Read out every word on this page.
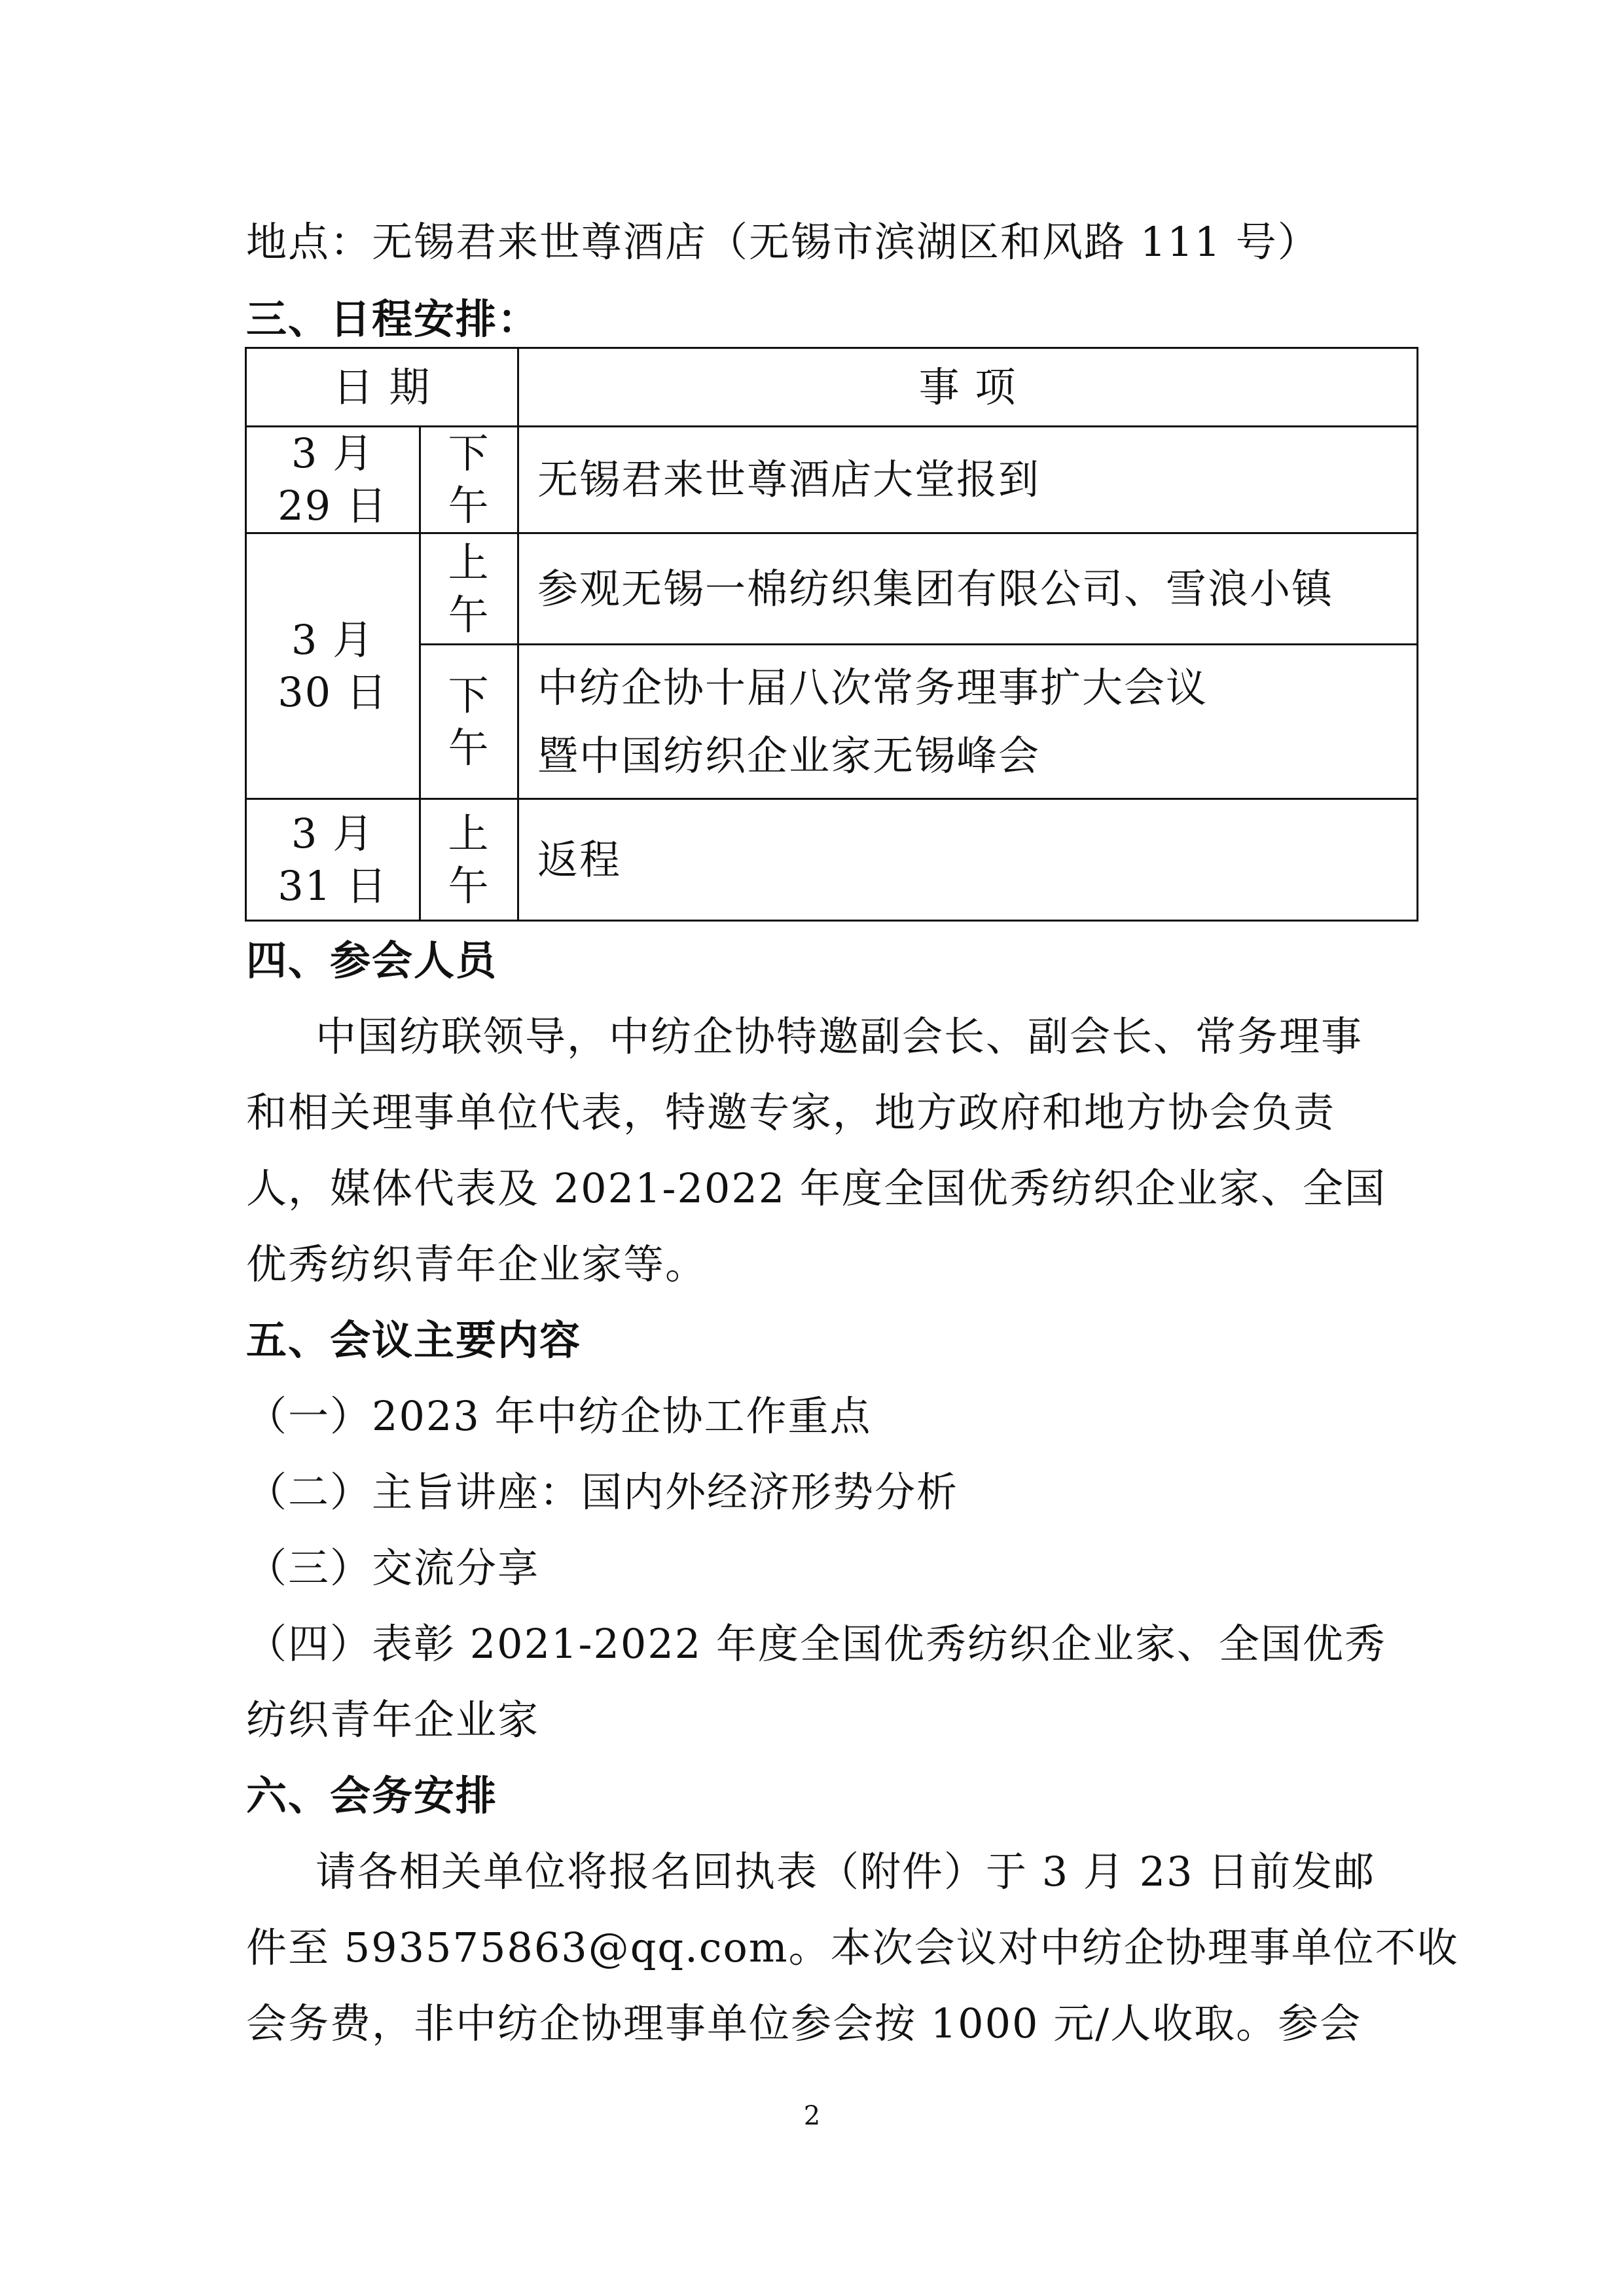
地点：无锡君来世尊酒店（无锡市滨湖区和风路 111 号）
三、日程安排：
日 期		事 项
3 月 29 日	下午	无锡君来世尊酒店大堂报到
3 月 30 日	上午	参观无锡一棉纺织集团有限公司、雪浪小镇
	下午	中纺企协十届八次常务理事扩大会议
暨中国纺织企业家无锡峰会

3 月 31 日	上午	返程
四、参会人员
中国纺联领导，中纺企协特邀副会长、副会长、常务理事
和相关理事单位代表，特邀专家，地方政府和地方协会负责
人，媒体代表及 2021-2022 年度全国优秀纺织企业家、全国
优秀纺织青年企业家等。
五、会议主要内容
（一）2023 年中纺企协工作重点
（二）主旨讲座：国内外经济形势分析
（三）交流分享
（四）表彰 2021-2022 年度全国优秀纺织企业家、全国优秀
纺织青年企业家
六、会务安排
请各相关单位将报名回执表（附件）于 3 月 23 日前发邮
件至 593575863@qq.com。本次会议对中纺企协理事单位不收
会务费，非中纺企协理事单位参会按 1000 元/人收取。参会
2
